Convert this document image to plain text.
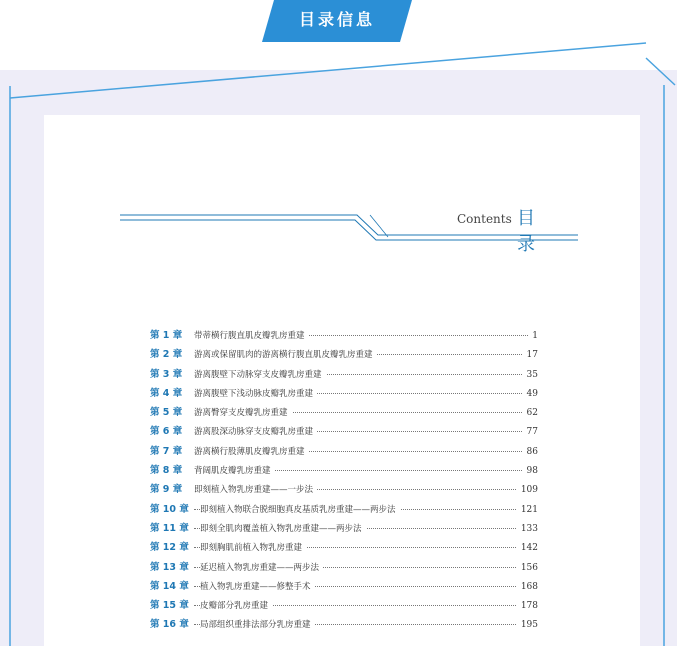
目录信息
Contents 目 录
第 1 章 带蒂横行腹直肌皮瓣乳房重建	1
第 2 章 游离或保留肌肉的游离横行腹直肌皮瓣乳房重建	17
第 3 章 游离腹壁下动脉穿支皮瓣乳房重建	35
第 4 章 游离腹壁下浅动脉皮瓣乳房重建	49
第 5 章 游离臀穿支皮瓣乳房重建	62
第 6 章 游离股深动脉穿支皮瓣乳房重建	77
第 7 章 游离横行股薄肌皮瓣乳房重建	86
第 8 章 背阔肌皮瓣乳房重建	98
第 9 章 即刻植入物乳房重建——一步法	109
第 10 章 即刻植入物联合脱细胞真皮基质乳房重建——两步法	121
第 11 章 即刻全肌肉覆盖植入物乳房重建——两步法	133
第 12 章 即刻胸肌前植入物乳房重建	142
第 13 章 延迟植入物乳房重建——两步法	156
第 14 章 植入物乳房重建——修整手术	168
第 15 章 皮瓣部分乳房重建	178
第 16 章 局部组织重排法部分乳房重建	195
